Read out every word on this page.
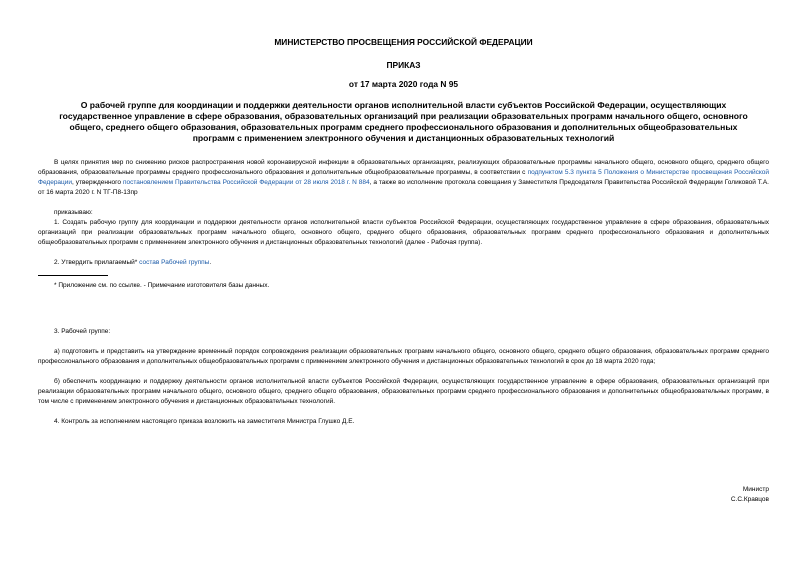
МИНИСТЕРСТВО ПРОСВЕЩЕНИЯ РОССИЙСКОЙ ФЕДЕРАЦИИ
ПРИКАЗ
от 17 марта 2020 года N 95
О рабочей группе для координации и поддержки деятельности органов исполнительной власти субъектов Российской Федерации, осуществляющих государственное управление в сфере образования, образовательных организаций при реализации образовательных программ начального общего, основного общего, среднего общего образования, образовательных программ среднего профессионального образования и дополнительных общеобразовательных программ с применением электронного обучения и дистанционных образовательных технологий

В целях принятия мер по снижению рисков распространения новой коронавирусной инфекции в образовательных организациях, реализующих образовательные программы начального общего, основного общего, среднего общего образования, образовательные программы среднего профессионального образования и дополнительные общеобразовательные программы, в соответствии с подпунктом 5.3 пункта 5 Положения о Министерстве просвещения Российской Федерации, утвержденного постановлением Правительства Российской Федерации от 28 июля 2018 г. N 884, а также во исполнение протокола совещания у Заместителя Председателя Правительства Российской Федерации Голиковой Т.А. от 16 марта 2020 г. N ТГ-П8-13пр

приказываю:

1. Создать рабочую группу для координации и поддержки деятельности органов исполнительной власти субъектов Российской Федерации, осуществляющих государственное управление в сфере образования, образовательных организаций при реализации образовательных программ начального общего, основного общего, среднего общего образования, образовательных программ среднего профессионального образования и дополнительных общеобразовательных программ с применением электронного обучения и дистанционных образовательных технологий (далее - Рабочая группа).

2. Утвердить прилагаемый* состав Рабочей группы.

* Приложение см. по ссылке. - Примечание изготовителя базы данных.

3. Рабочей группе:

а) подготовить и представить на утверждение временный порядок сопровождения реализации образовательных программ начального общего, основного общего, среднего общего образования, образовательных программ среднего профессионального образования и дополнительных общеобразовательных программ с применением электронного обучения и дистанционных образовательных технологий в срок до 18 марта 2020 года;

б) обеспечить координацию и поддержку деятельности органов исполнительной власти субъектов Российской Федерации, осуществляющих государственное управление в сфере образования, образовательных организаций при реализации образовательных программ начального общего, основного общего, среднего общего образования, образовательных программ среднего профессионального образования и дополнительных общеобразовательных программ, в том числе с применением электронного обучения и дистанционных образовательных технологий.

4. Контроль за исполнением настоящего приказа возложить на заместителя Министра Глушко Д.Е.

Министр
С.С.Кравцов
